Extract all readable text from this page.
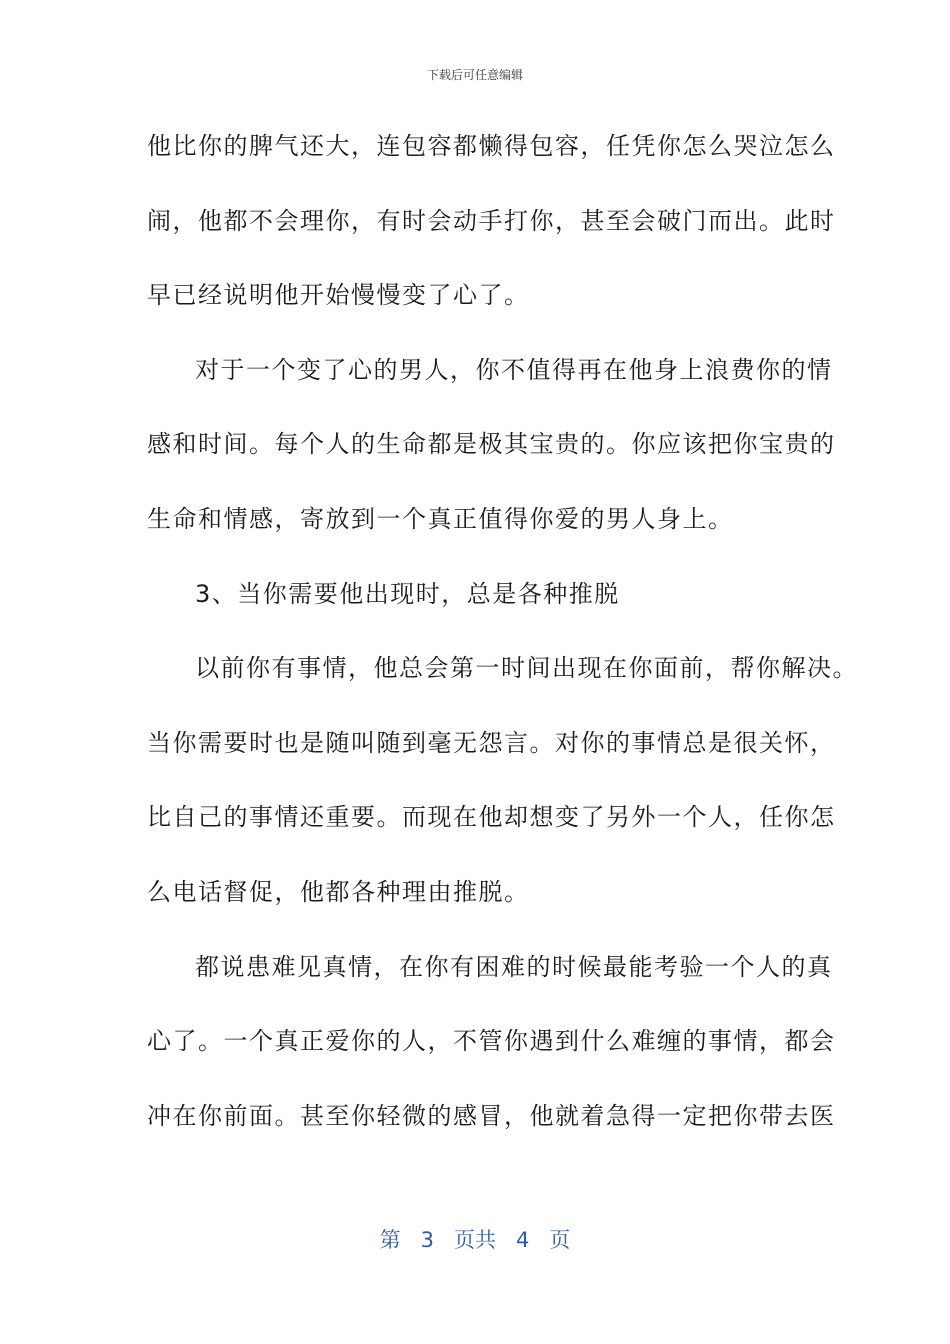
下载后可任意编辑
他比你的脾气还大，连包容都懒得包容，任凭你怎么哭泣怎么
闹，他都不会理你，有时会动手打你，甚至会破门而出。此时
早已经说明他开始慢慢变了心了。
对于一个变了心的男人，你不值得再在他身上浪费你的情
感和时间。每个人的生命都是极其宝贵的。你应该把你宝贵的
生命和情感，寄放到一个真正值得你爱的男人身上。
3、当你需要他出现时，总是各种推脱
以前你有事情，他总会第一时间出现在你面前，帮你解决。
当你需要时也是随叫随到毫无怨言。对你的事情总是很关怀，
比自己的事情还重要。而现在他却想变了另外一个人，任你怎
么电话督促，他都各种理由推脱。
都说患难见真情，在你有困难的时候最能考验一个人的真
心了。一个真正爱你的人，不管你遇到什么难缠的事情，都会
冲在你前面。甚至你轻微的感冒，他就着急得一定把你带去医
第 3 页共 4 页
